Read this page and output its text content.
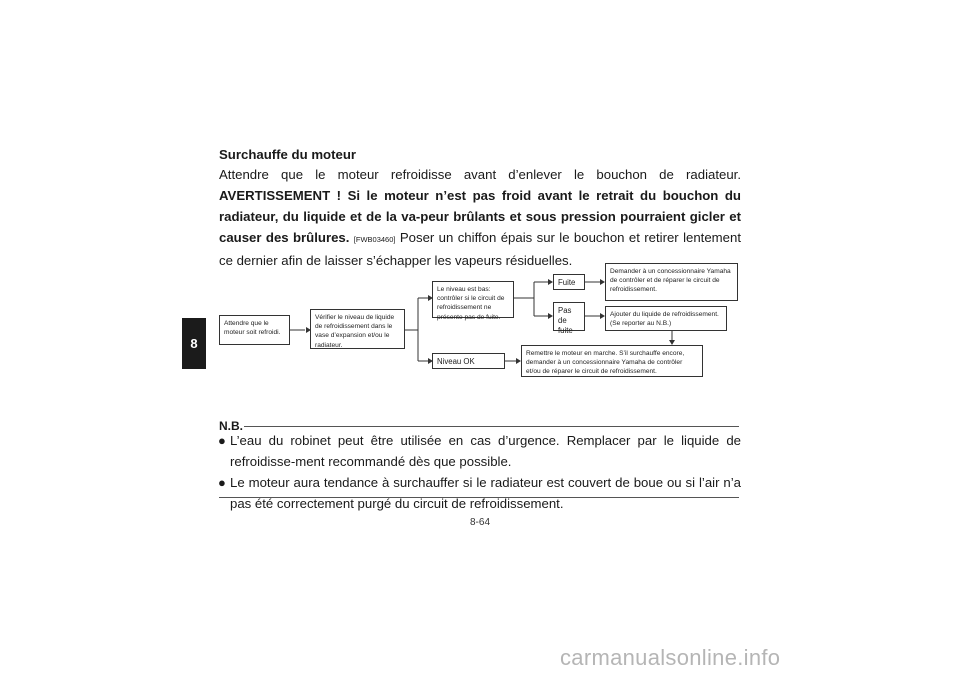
8
Surchauffe du moteur
Attendre que le moteur refroidisse avant d’enlever le bouchon de radiateur. AVERTISSEMENT ! Si le moteur n’est pas froid avant le retrait du bouchon du radiateur, du liquide et de la va-peur brûlants et sous pression pourraient gicler et causer des brûlures. [FWB03460] Poser un chiffon épais sur le bouchon et retirer lentement ce dernier afin de laisser s’échapper les vapeurs résiduelles.
Attendre que le moteur soit refroidi.
Vérifier le niveau de liquide de refroidissement dans le vase d’expansion et/ou le radiateur.
Le niveau est bas: contrôler si le circuit de refroidissement ne présente pas de fuite.
Fuite
Pas de fuite
Demander à un concessionnaire Yamaha de contrôler et de réparer le circuit de refroidissement.
Ajouter du liquide de refroidissement. (Se reporter au N.B.)
Niveau OK
Remettre le moteur en marche. S’il surchauffe encore, demander à un concessionnaire Yamaha de contrôler et/ou de réparer le circuit de refroidissement.
N.B.
● L’eau du robinet peut être utilisée en cas d’urgence. Remplacer par le liquide de refroidisse-ment recommandé dès que possible.
● Le moteur aura tendance à surchauffer si le radiateur est couvert de boue ou si l’air n’a pas été correctement purgé du circuit de refroidissement.
8-64
carmanualsonline.info
